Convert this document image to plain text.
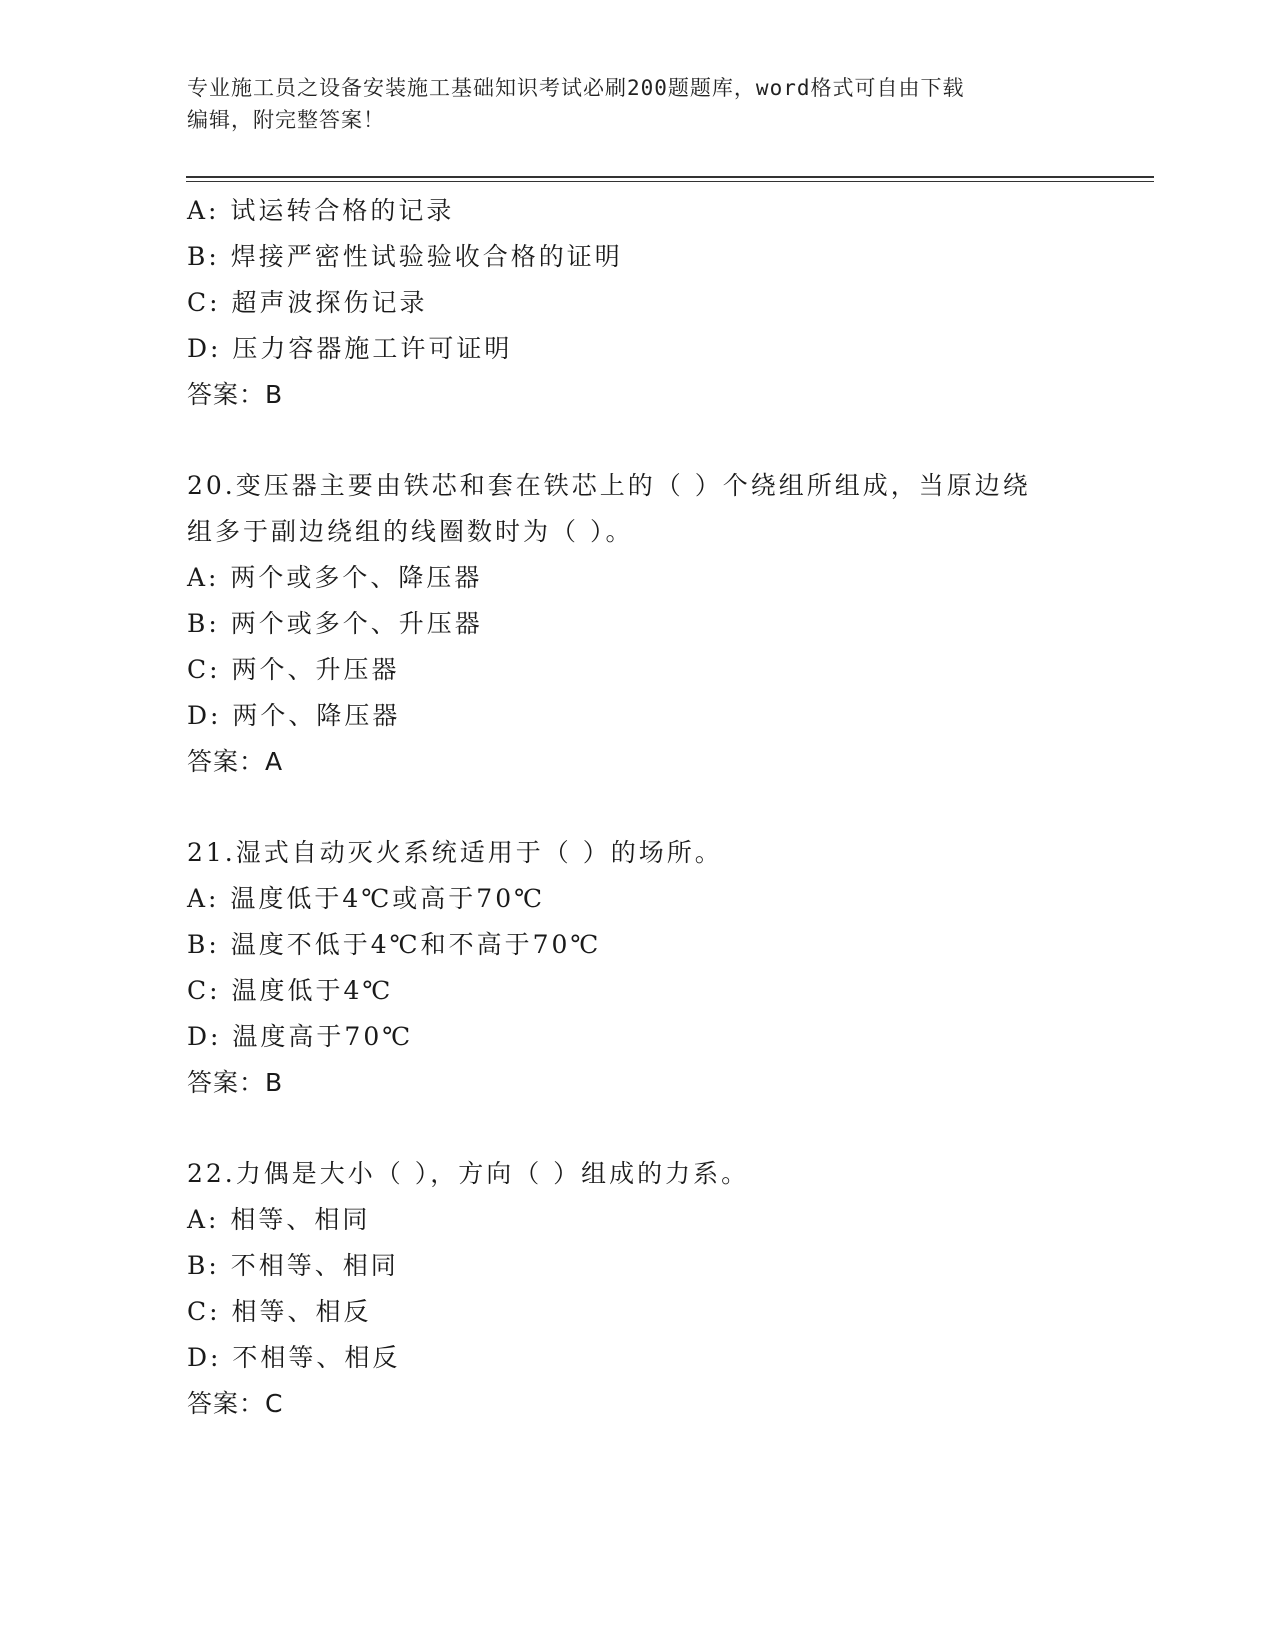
专业施工员之设备安装施工基础知识考试必刷200题题库，word格式可自由下载
编辑，附完整答案！
A: 试运转合格的记录
B: 焊接严密性试验验收合格的证明
C: 超声波探伤记录
D: 压力容器施工许可证明
答案：B
20.变压器主要由铁芯和套在铁芯上的（ ）个绕组所组成，当原边绕
组多于副边绕组的线圈数时为（ ）。
A: 两个或多个、降压器
B: 两个或多个、升压器
C: 两个、升压器
D: 两个、降压器
答案：A
21.湿式自动灭火系统适用于（ ）的场所。
A: 温度低于4℃或高于70℃
B: 温度不低于4℃和不高于70℃
C: 温度低于4℃
D: 温度高于70℃
答案：B
22.力偶是大小（ ），方向（ ）组成的力系。
A: 相等、相同
B: 不相等、相同
C: 相等、相反
D: 不相等、相反
答案：C
